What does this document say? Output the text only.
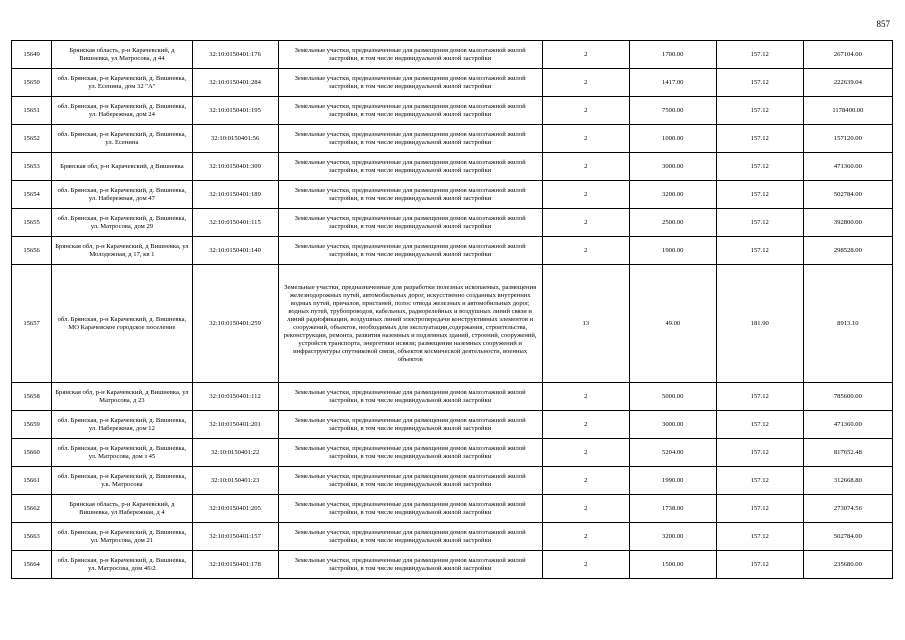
857
15649	Брянская область, р-н Карачевский, д Вишневка, ул Матросова, д 44	32:10:0150401:176	Земельные участки, предназначенные для размещения домов малоэтажной жилой застройки, в том числе индивидуальной жилой застройки	2	1700.00	157.12	267104.00
15650	обл. Брянская, р-н Карачевский, д. Вишневка, ул. Есенина, дом 32 "А"	32:10:0150401:284	Земельные участки, предназначенные для размещения домов малоэтажной жилой застройки, в том числе индивидуальной жилой застройки	2	1417.00	157.12	222639.04
15651	обл. Брянская, р-н Карачевский, д. Вишневка, ул. Набережная, дом 24	32:10:0150401:195	Земельные участки, предназначенные для размещения домов малоэтажной жилой застройки, в том числе индивидуальной жилой застройки	2	7500.00	157.12	1178400.00
15652	обл. Брянская, р-н Карачевский, д. Вишневка, ул. Есенина	32:10:0150401:56	Земельные участки, предназначенные для размещения домов малоэтажной жилой застройки, в том числе индивидуальной жилой застройки	2	1000.00	157.12	157120.00
15653	Брянская обл, р-н Карачевский, д Вишневка	32:10:0150401:309	Земельные участки, предназначенные для размещения домов малоэтажной жилой застройки, в том числе индивидуальной жилой застройки	2	3000.00	157.12	471360.00
15654	обл. Брянская, р-н Карачевский, д. Вишневка, ул. Набережная, дом 47	32:10:0150401:189	Земельные участки, предназначенные для размещения домов малоэтажной жилой застройки, в том числе индивидуальной жилой застройки	2	3200.00	157.12	502784.00
15655	обл. Брянская, р-н Карачевский, д. Вишневка, ул. Матросова, дом 29	32:10:0150401:115	Земельные участки, предназначенные для размещения домов малоэтажной жилой застройки, в том числе индивидуальной жилой застройки	2	2500.00	157.12	392800.00
15656	Брянская обл, р-н Карачевский, д Вишневка, ул Молодежная, д 17, кв 1	32:10:0150401:140	Земельные участки, предназначенные для размещения домов малоэтажной жилой застройки, в том числе индивидуальной жилой застройки	2	1900.00	157.12	298528.00
15657	обл. Брянская, р-н Карачевский, д. Вишневка, МО Карачевское городское поселение	32:10:0150401:259	Земельные участки, предназначенные для разработки полезных ископаемых, размещения железнодорожных путей, автомобильных дорог, искусственно созданных внутренних водных путей, причалов, пристаней, полос отвода железных и автомобильных дорог, водных путей, трубопроводов, кабельных, радиорелейных и воздушных линий связи и линий радиофикации, воздушных линий электропередачи конструктивных элементов и сооружений, объектов, необходимых для эксплуатации,содержания, строительства, реконструкции, ремонта, развития наземных и подземных зданий, строений, сооружений, устройств транспорта, энергетики исвязи; размещения наземных сооружений и инфраструктуры спутниковой связи, объектов космической деятельности, военных объектов	13	49.00	181.90	8913.10
15658	Брянская обл, р-н Карачевский, д Вишневка, ул Матросова, д 23	32:10:0150401:112	Земельные участки, предназначенные для размещения домов малоэтажной жилой застройки, в том числе индивидуальной жилой застройки	2	5000.00	157.12	785600.00
15659	обл. Брянская, р-н Карачевский, д. Вишневка, ул. Набережная, дом 12	32:10:0150401:201	Земельные участки, предназначенные для размещения домов малоэтажной жилой застройки, в том числе индивидуальной жилой застройки	2	3000.00	157.12	471360.00
15660	обл. Брянская, р-н Карачевский, д. Вишневка, ул. Матросова, дом з 45	32:10:0150401:22	Земельные участки, предназначенные для размещения домов малоэтажной жилой застройки, в том числе индивидуальной жилой застройки	2	5204.00	157.12	817652.48
15661	обл. Брянская, р-н Карачевский, д. Вишневка, у.к. Матросова	32:10:0150401:23	Земельные участки, предназначенные для размещения домов малоэтажной жилой застройки, в том числе индивидуальной жилой застройки	2	1990.00	157.12	312668.80
15662	Брянская область, р-н Карачевский, д Вишневка, ул Набережная, д 4	32:10:0150401:205	Земельные участки, предназначенные для размещения домов малоэтажной жилой застройки, в том числе индивидуальной жилой застройки	2	1738.00	157.12	273074.56
15663	обл. Брянская, р-н Карачевский, д. Вишневка, ул. Матросова, дом 21	32:10:0150401:157	Земельные участки, предназначенные для размещения домов малоэтажной жилой застройки, в том числе индивидуальной жилой застройки	2	3200.00	157.12	502784.00
15664	обл. Брянская, р-н Карачевский, д. Вишневка, ул. Матросова, дом 46\2	32:10:0150401:178	Земельные участки, предназначенные для размещения домов малоэтажной жилой застройки, в том числе индивидуальной жилой застройки	2	1500.00	157.12	235680.00
